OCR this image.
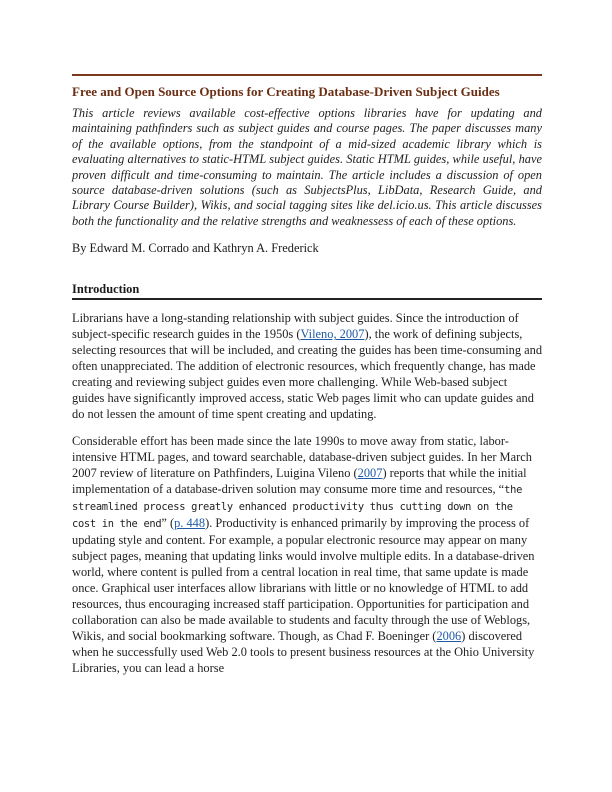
Free and Open Source Options for Creating Database-Driven Subject Guides

This article reviews available cost-effective options libraries have for updating and maintaining pathfinders such as subject guides and course pages. The paper discusses many of the available options, from the standpoint of a mid-sized academic library which is evaluating alternatives to static-HTML subject guides. Static HTML guides, while useful, have proven difficult and time-consuming to maintain. The article includes a discussion of open source database-driven solutions (such as SubjectsPlus, LibData, Research Guide, and Library Course Builder), Wikis, and social tagging sites like del.icio.us. This article discusses both the functionality and the relative strengths and weaknessess of each of these options.

By Edward M. Corrado and Kathryn A. Frederick

Introduction

Librarians have a long-standing relationship with subject guides. Since the introduction of subject-specific research guides in the 1950s (Vileno, 2007), the work of defining subjects, selecting resources that will be included, and creating the guides has been time-consuming and often unappreciated. The addition of electronic resources, which frequently change, has made creating and reviewing subject guides even more challenging. While Web-based subject guides have significantly improved access, static Web pages limit who can update guides and do not lessen the amount of time spent creating and updating.

Considerable effort has been made since the late 1990s to move away from static, labor-intensive HTML pages, and toward searchable, database-driven subject guides. In her March 2007 review of literature on Pathfinders, Luigina Vileno (2007) reports that while the initial implementation of a database-driven solution may consume more time and resources, “the streamlined process greatly enhanced productivity thus cutting down on the cost in the end” (p. 448). Productivity is enhanced primarily by improving the process of updating style and content. For example, a popular electronic resource may appear on many subject pages, meaning that updating links would involve multiple edits. In a database-driven world, where content is pulled from a central location in real time, that same update is made once. Graphical user interfaces allow librarians with little or no knowledge of HTML to add resources, thus encouraging increased staff participation. Opportunities for participation and collaboration can also be made available to students and faculty through the use of Weblogs, Wikis, and social bookmarking software. Though, as Chad F. Boeninger (2006) discovered when he successfully used Web 2.0 tools to present business resources at the Ohio University Libraries, you can lead a horse
